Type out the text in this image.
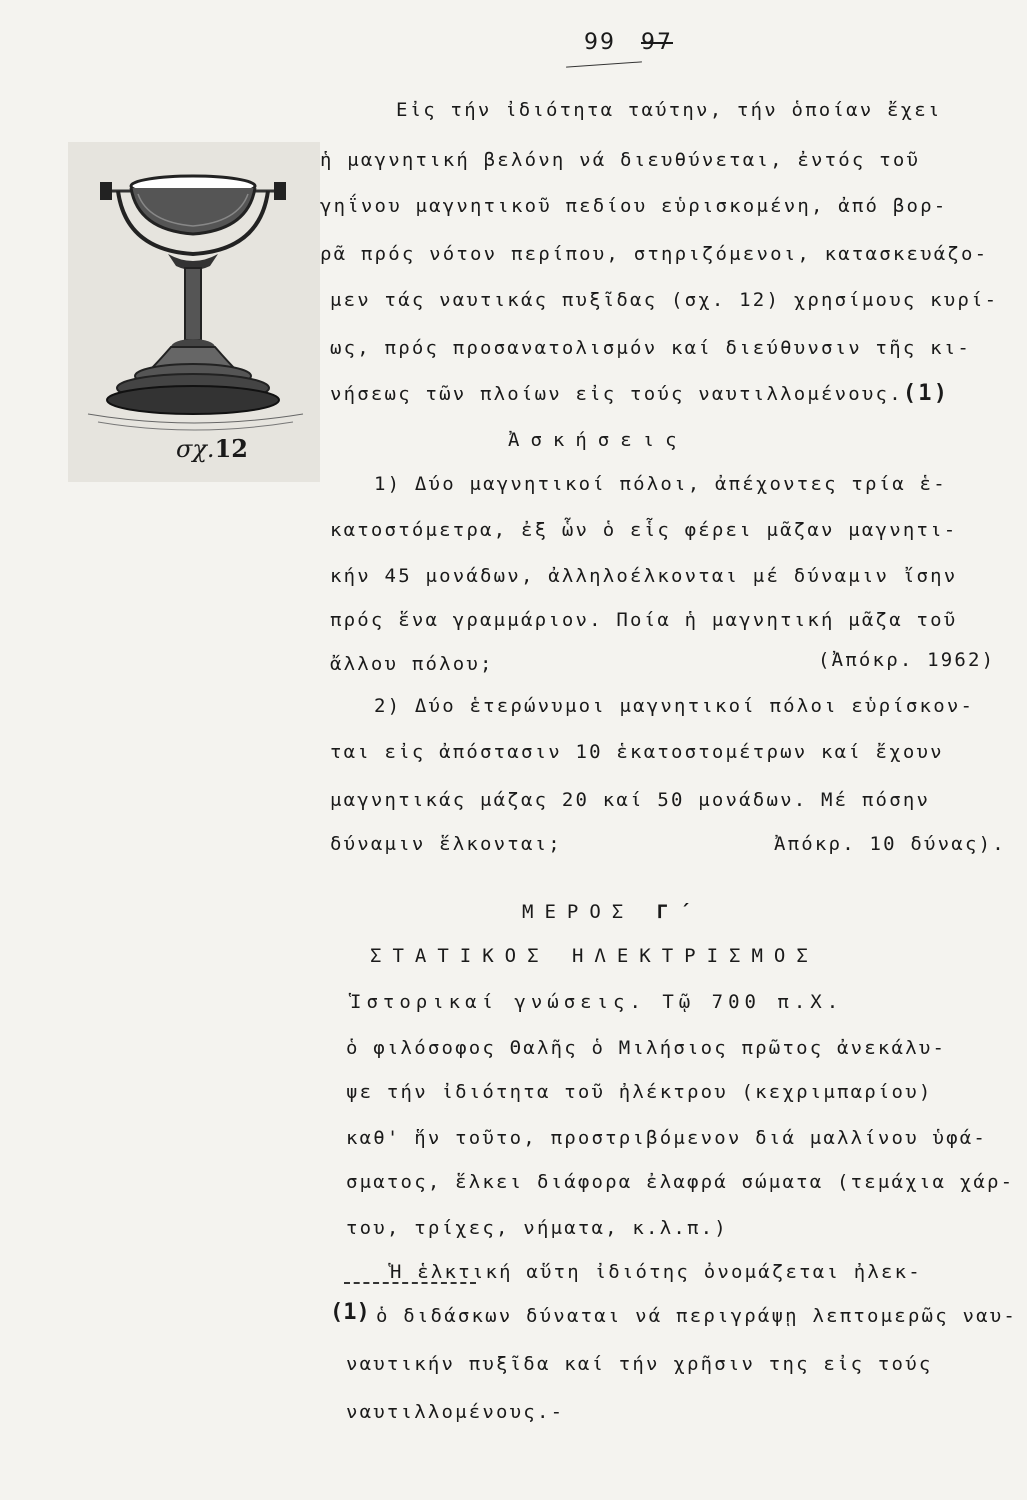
99 97
σχ.12
Εἰς τήν ἰδιότητα ταύτην, τήν ὁποίαν ἔχει
ἡ μαγνητική βελόνη νά διευθύνεται, ἐντός τοῦ
γηΐνου μαγνητικοῦ πεδίου εὑρισκομένη, ἀπό βορ-
ρᾶ πρός νότον περίπου, στηριζόμενοι, κατασκευάζο-
μεν τάς ναυτικάς πυξῖδας (σχ. 12) χρησίμους κυρί-
ως, πρός προσανατολισμόν καί διεύθυνσιν τῆς κι-
νήσεως τῶν πλοίων εἰς τούς ναυτιλλομένους.(1)
Ἀσκήσεις
1) Δύο μαγνητικοί πόλοι, ἀπέχοντες τρία ἑ-
κατοστόμετρα, ἐξ ὧν ὁ εἷς φέρει μᾶζαν μαγνητι-
κήν 45 μονάδων, ἀλληλοέλκονται μέ δύναμιν ἴσην
πρός ἕνα γραμμάριον. Ποία ἡ μαγνητική μᾶζα τοῦ
ἄλλου πόλου;	(Ἀπόκρ. 1962)
2) Δύο ἑτερώνυμοι μαγνητικοί πόλοι εὑρίσκον-
ται εἰς ἀπόστασιν 10 ἑκατοστομέτρων καί ἔχουν
μαγνητικάς μάζας 20 καί 50 μονάδων. Μέ πόσην
δύναμιν ἕλκονται;	Ἀπόκρ. 10 δύνας).
ΜΕΡΟΣ Γ΄
ΣΤΑΤΙΚΟΣ ΗΛΕΚΤΡΙΣΜΟΣ
Ἱστορικαί γνώσεις. Τῷ 700 π.Χ.
ὁ φιλόσοφος Θαλῆς ὁ Μιλήσιος πρῶτος ἀνεκάλυ-
ψε τήν ἰδιότητα τοῦ ἠλέκτρου (κεχριμπαρίου)
καθ' ἥν τοῦτο, προστριβόμενον διά μαλλίνου ὑφά-
σματος, ἕλκει διάφορα ἐλαφρά σώματα (τεμάχια χάρ-
του, τρίχες, νήματα, κ.λ.π.)
Ἡ ἑλκτική αὕτη ἰδιότης ὀνομάζεται ἠλεκ-
(1) ὁ διδάσκων δύναται νά περιγράψῃ λεπτομερῶς ναυ-
ναυτικήν πυξῖδα καί τήν χρῆσιν της εἰς τούς
ναυτιλλομένους.-
